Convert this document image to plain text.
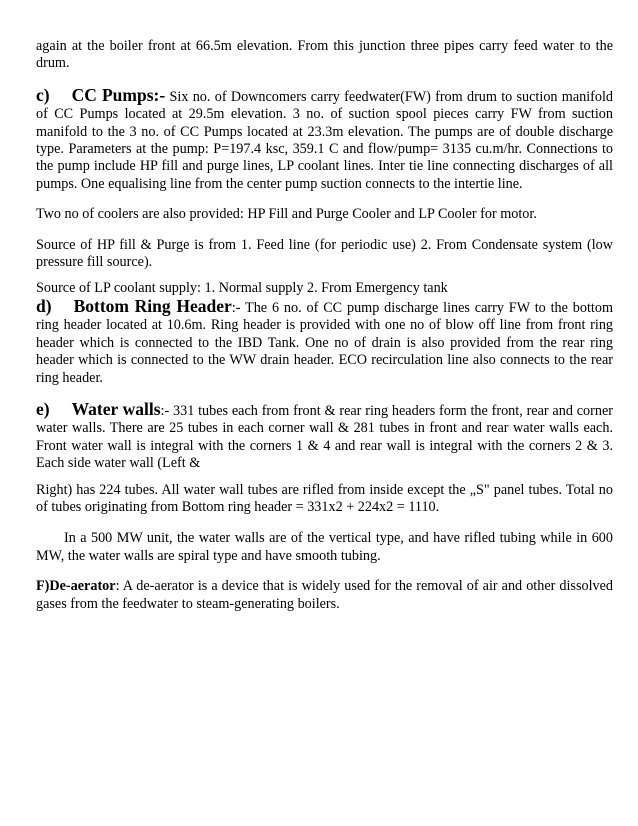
again at the boiler front at 66.5m elevation. From this junction three pipes carry feed water to the drum.

c) CC Pumps:- Six no. of Downcomers carry feedwater(FW) from drum to suction manifold of CC Pumps located at 29.5m elevation. 3 no. of suction spool pieces carry FW from suction manifold to the 3 no. of CC Pumps located at 23.3m elevation. The pumps are of double discharge type. Parameters at the pump: P=197.4 ksc, 359.1 C and flow/pump= 3135 cu.m/hr. Connections to the pump include HP fill and purge lines, LP coolant lines. Inter tie line connecting discharges of all pumps. One equalising line from the center pump suction connects to the intertie line.

Two no of coolers are also provided: HP Fill and Purge Cooler and LP Cooler for motor.

Source of HP fill & Purge is from 1. Feed line (for periodic use) 2. From Condensate system (low pressure fill source).

Source of LP coolant supply: 1. Normal supply 2. From Emergency tank

d) Bottom Ring Header:- The 6 no. of CC pump discharge lines carry FW to the bottom ring header located at 10.6m. Ring header is provided with one no of blow off line from front ring header which is connected to the IBD Tank. One no of drain is also provided from the rear ring header which is connected to the WW drain header. ECO recirculation line also connects to the rear ring header.

e) Water walls:- 331 tubes each from front & rear ring headers form the front, rear and corner water walls. There are 25 tubes in each corner wall & 281 tubes in front and rear water walls each. Front water wall is integral with the corners 1 & 4 and rear wall is integral with the corners 2 & 3. Each side water wall (Left &

Right) has 224 tubes. All water wall tubes are rifled from inside except the „S" panel tubes. Total no of tubes originating from Bottom ring header = 331x2 + 224x2 = 1110.

In a 500 MW unit, the water walls are of the vertical type, and have rifled tubing while in 600 MW, the water walls are spiral type and have smooth tubing.

F)De-aerator: A de-aerator is a device that is widely used for the removal of air and other dissolved gases from the feedwater to steam-generating boilers.
